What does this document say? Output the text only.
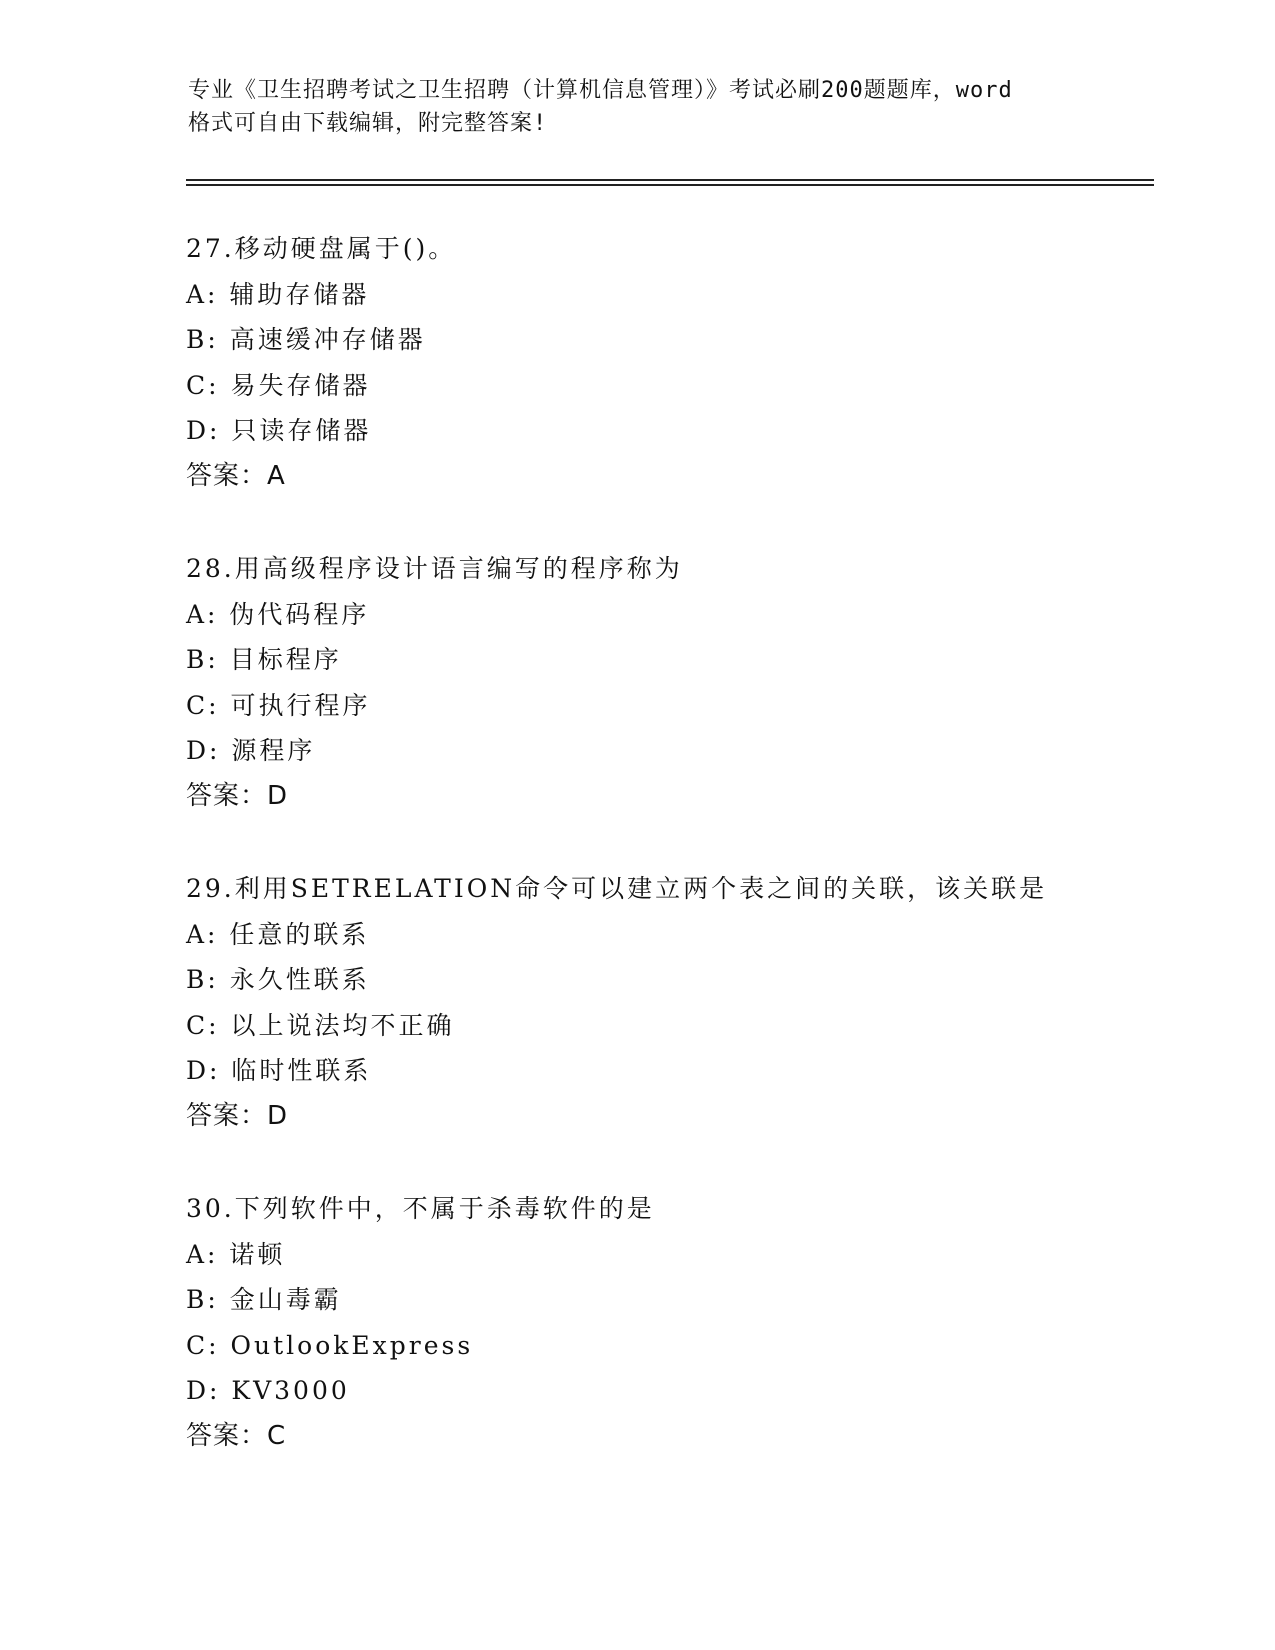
专业《卫生招聘考试之卫生招聘（计算机信息管理）》考试必刷200题题库，word
格式可自由下载编辑，附完整答案!
27.移动硬盘属于()。
A: 辅助存储器
B: 高速缓冲存储器
C: 易失存储器
D: 只读存储器
答案：A
28.用高级程序设计语言编写的程序称为
A: 伪代码程序
B: 目标程序
C: 可执行程序
D: 源程序
答案：D
29.利用SETRELATION命令可以建立两个表之间的关联，该关联是
A: 任意的联系
B: 永久性联系
C: 以上说法均不正确
D: 临时性联系
答案：D
30.下列软件中，不属于杀毒软件的是
A: 诺顿
B: 金山毒霸
C: OutlookExpress
D: KV3000
答案：C
